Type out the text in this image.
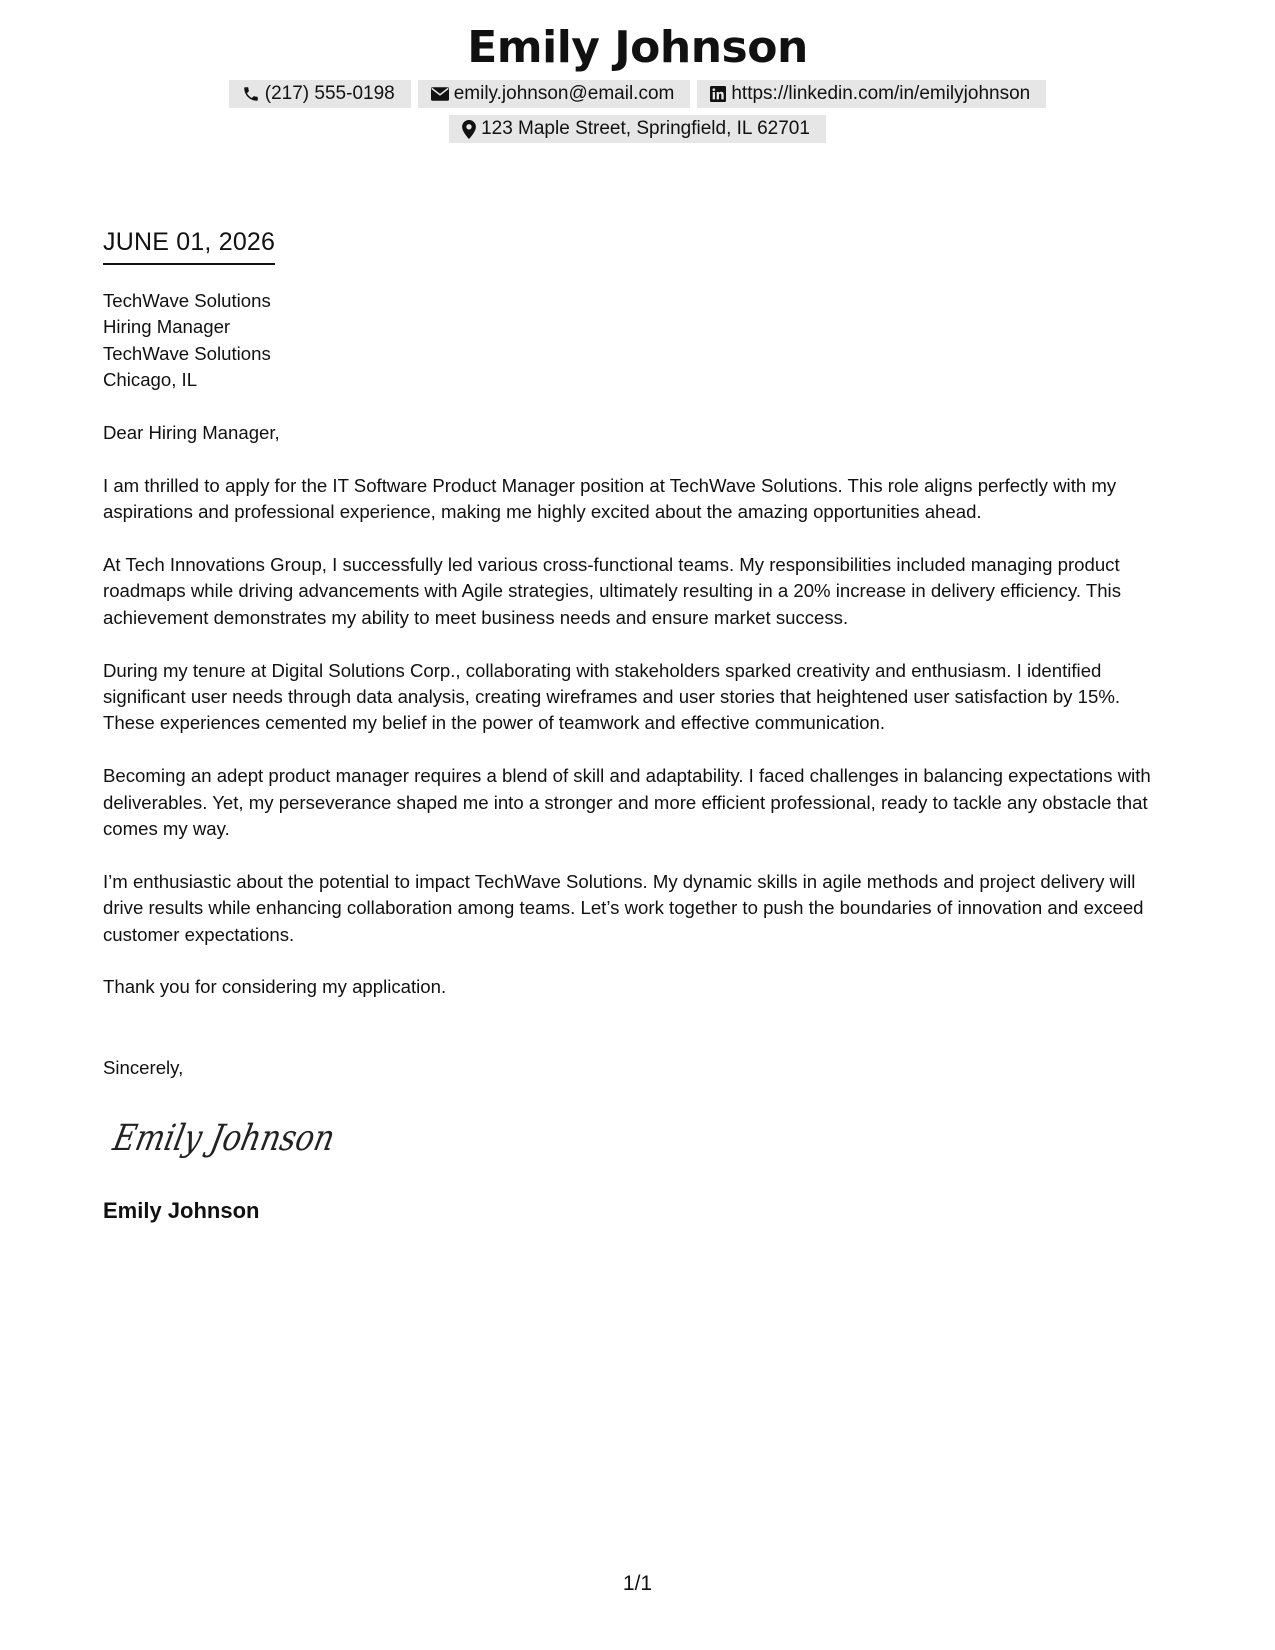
Emily Johnson
(217) 555-0198	emily.johnson@email.com	https://linkedin.com/in/emilyjohnson
123 Maple Street, Springfield, IL 62701
JUNE 01, 2026

TechWave Solutions

Hiring Manager

TechWave Solutions

Chicago, IL

Dear Hiring Manager,

I am thrilled to apply for the IT Software Product Manager position at TechWave Solutions. This role aligns perfectly with my aspirations and professional experience, making me highly excited about the amazing opportunities ahead.

At Tech Innovations Group, I successfully led various cross-functional teams. My responsibilities included managing product roadmaps while driving advancements with Agile strategies, ultimately resulting in a 20% increase in delivery efficiency. This achievement demonstrates my ability to meet business needs and ensure market success.

During my tenure at Digital Solutions Corp., collaborating with stakeholders sparked creativity and enthusiasm. I identified significant user needs through data analysis, creating wireframes and user stories that heightened user satisfaction by 15%. These experiences cemented my belief in the power of teamwork and effective communication.

Becoming an adept product manager requires a blend of skill and adaptability. I faced challenges in balancing expectations with deliverables. Yet, my perseverance shaped me into a stronger and more efficient professional, ready to tackle any obstacle that comes my way.

I’m enthusiastic about the potential to impact TechWave Solutions. My dynamic skills in agile methods and project delivery will drive results while enhancing collaboration among teams. Let’s work together to push the boundaries of innovation and exceed customer expectations.

Thank you for considering my application.

Sincerely,
Emily Johnson
Emily Johnson
1/1
